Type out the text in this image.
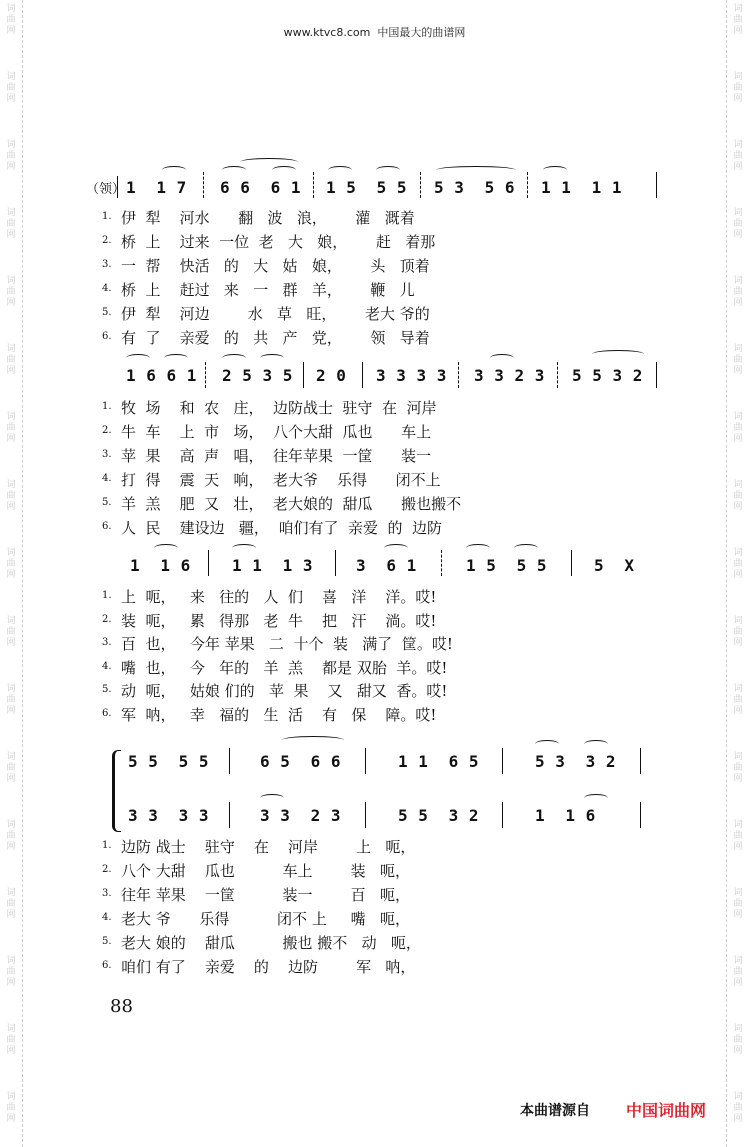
词
曲
网
词
曲
网
词
曲
网
词
曲
网
词
曲
网
词
曲
网
词
曲
网
词
曲
网
词
曲
网
词
曲
网
词
曲
网
词
曲
网
词
曲
网
词
曲
网
词
曲
网
词
曲
网
词
曲
网
词
曲
网
词
曲
网
词
曲
网
词
曲
网
词
曲
网
词
曲
网
词
曲
网
词
曲
网
词
曲
网
词
曲
网
词
曲
网
词
曲
网
词
曲
网
词
曲
网
词
曲
网
词
曲
网
词
曲
网
www.ktvc8.com  中国最大的曲谱网
（领） 1  1 7 6 6  6 1 1 5  5 5 5 3  5 6 1 1  1 1
1. 伊  犁    河水      翻   波   浪，      灌   溉着
2. 桥  上    过来  一位  老   大   娘，      赶   着那
3. 一  帮    快活   的   大   姑   娘，      头   顶着
4. 桥  上    赶过   来   一   群   羊，      鞭   儿
5. 伊  犁    河边        水   草   旺，      老大 爷的
6. 有  了    亲爱   的   共   产   党，      领   导着
1 6 6 1 2 5 3 5 2 0 3 3 3 3 3 3 2 3 5 5 3 2
1. 牧  场    和  农   庄，  边防战士  驻守  在  河岸
2. 牛  车    上  市   场，  八个大甜  瓜也      车上
3. 苹  果    高  声   唱，  往年苹果  一筐      装一
4. 打  得    震  天   响，  老大爷    乐得      闭不上
5. 羊  羔    肥  又   壮，  老大娘的  甜瓜      搬也搬不
6. 人  民    建设边   疆，  咱们有了  亲爱  的  边防
1  1 6	1 1  1 3	3  6 1	1 5  5 5	5  X
1. 上  呃，   来   往的   人  们    喜   洋    洋。哎!
2. 装  呃，   累   得那   老  牛    把   汗    淌。哎!
3. 百  也，   今年 苹果   二  十个  装   满了  筐。哎!
4. 嘴  也，   今   年的   羊  羔    都是 双胎  羊。哎!
5. 动  呃，   姑娘 们的   苹  果    又   甜又  香。哎!
6. 军  呐，   幸   福的   生  活    有   保    障。哎!
5 5  5 5	6 5  6 6	1 1  6 5	5 3  3 2
3 3  3 3	3 3  2 3	5 5  3 2	1  1 6
1. 边防 战士    驻守    在    河岸        上   呃，
2. 八个 大甜    瓜也          车上        装   呃，
3. 往年 苹果    一筐          装一        百   呃，
4. 老大 爷      乐得          闭不 上     嘴   呃，
5. 老大 娘的    甜瓜          搬也 搬不   动   呃，
6. 咱们 有了    亲爱    的    边防        军   呐，
88
本曲谱源自 中国词曲网
